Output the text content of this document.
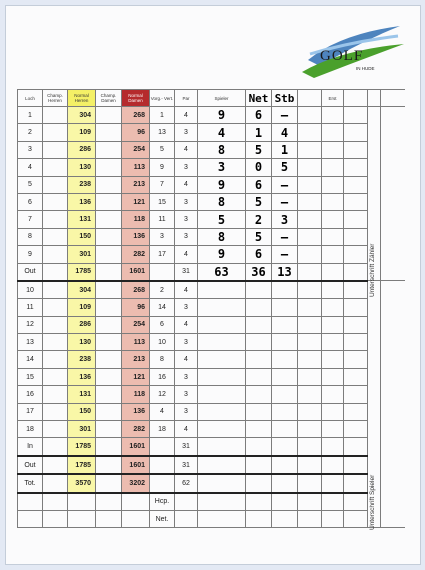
GOLF
IN HUDE
Loch	Champ. Herren	Normal Herren	Champ. Damen	Normal Damen	Vorg.- Vert.	Par	Spieler	Net	Stb		Erst			
1		304		268	1	4	9	6	–					
2		109		96	13	3	4	1	4					
3		286		254	5	4	8	5	1					
4		130		113	9	3	3	0	5					
5		238		213	7	4	9	6	–					
6		136		121	15	3	8	5	–					
7		131		118	11	3	5	2	3					
8		150		136	3	3	8	5	–					
9		301		282	17	4	9	6	–					
Out		1785		1601		31	63	36	13					
10		304		268	2	4								
11		109		96	14	3								
12		286		254	6	4								
13		130		113	10	3								
14		238		213	8	4								
15		136		121	16	3								
16		131		118	12	3								
17		150		136	4	3								
18		301		282	18	4								
In		1785		1601		31								
Out		1785		1601		31								
Tot.		3570		3202		62								
					Hcp.									
					Net.									
Unterschrift Zähler
Unterschrift Spieler
